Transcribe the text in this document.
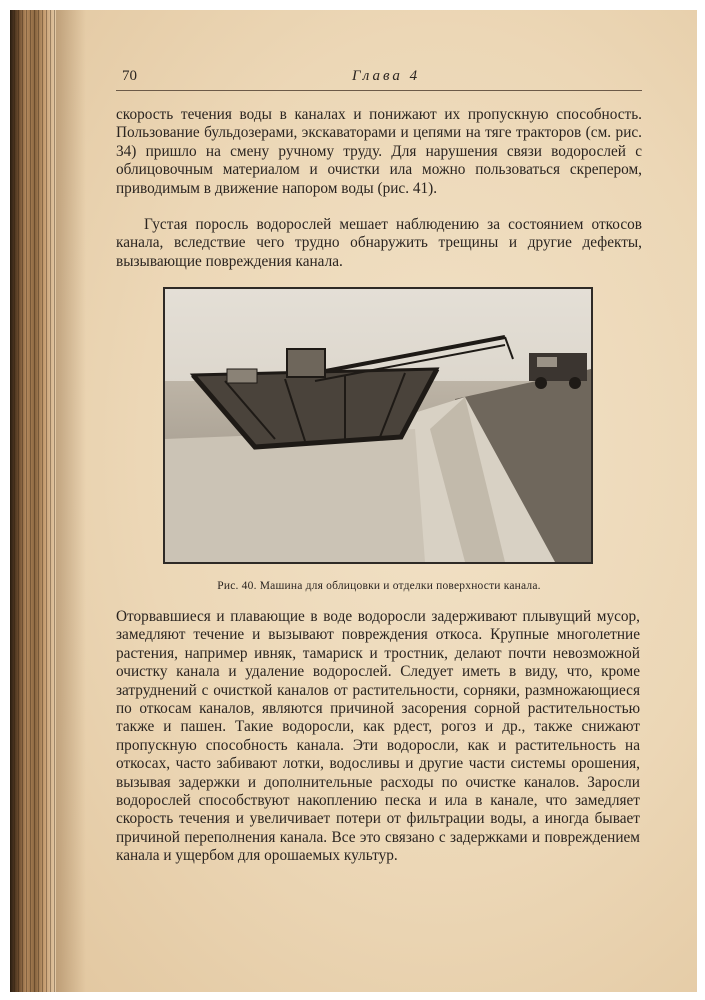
70	Глава 4

скорость течения воды в каналах и понижают их пропускную способность. Пользование бульдозерами, экскаваторами и цепями на тяге тракторов (см. рис. 34) пришло на смену ручному труду. Для нарушения связи водорослей с облицовочным материалом и очистки ила можно пользоваться скрепером, приводимым в движение напором воды (рис. 41).

Густая поросль водорослей мешает наблюдению за состоянием откосов канала, вследствие чего трудно обнаружить трещины и другие дефекты, вызывающие повреждения канала.

Рис. 40. Машина для облицовки и отделки поверхности канала.

Оторвавшиеся и плавающие в воде водоросли задерживают плывущий мусор, замедляют течение и вызывают повреждения откоса. Крупные многолетние растения, например ивняк, тамариск и тростник, делают почти невозможной очистку канала и удаление водорослей. Следует иметь в виду, что, кроме затруднений с очисткой каналов от растительности, сорняки, размножающиеся по откосам каналов, являются причиной засорения сорной растительностью также и пашен. Такие водоросли, как рдест, рогоз и др., также снижают пропускную способность канала. Эти водоросли, как и растительность на откосах, часто забивают лотки, водосливы и другие части системы орошения, вызывая задержки и дополнительные расходы по очистке каналов. Заросли водорослей способствуют накоплению песка и ила в канале, что замедляет скорость течения и увеличивает потери от фильтрации воды, а иногда бывает причиной переполнения канала. Все это связано с задержками и повреждением канала и ущербом для орошаемых культур.
